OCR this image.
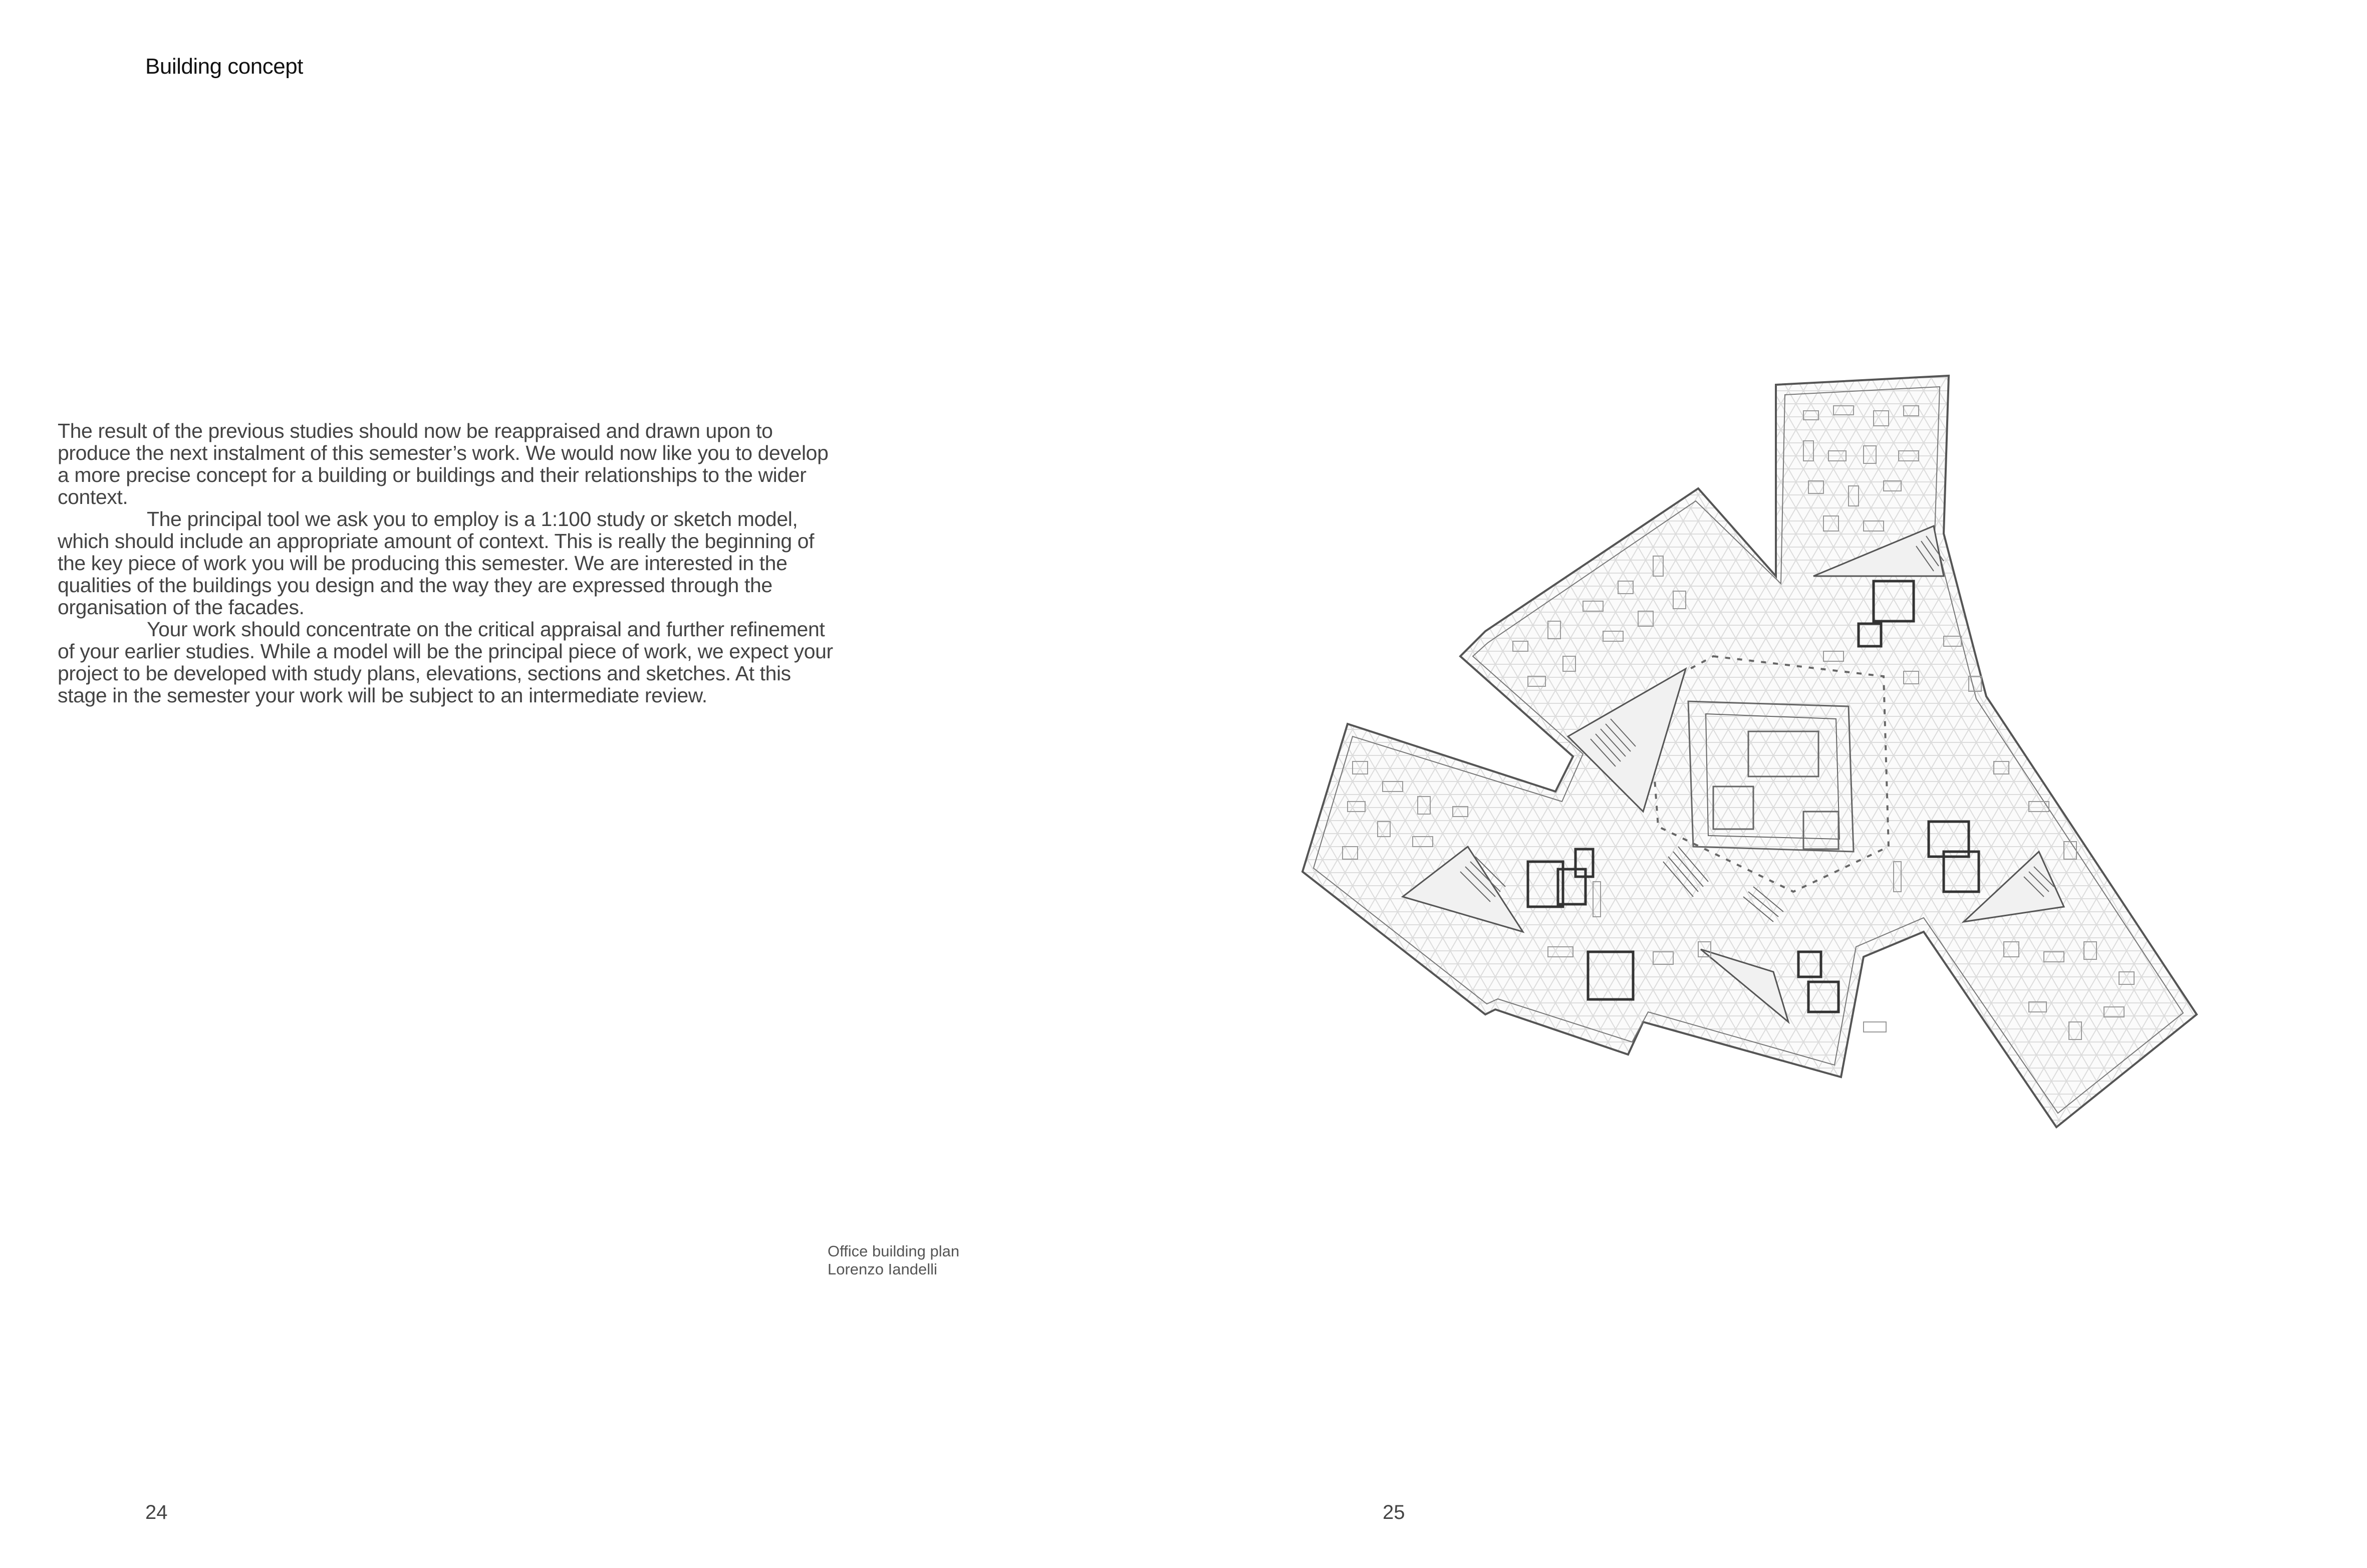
Building concept

The result of the previous studies should now be reappraised and drawn upon to produce the next instalment of this semester’s work. We would now like you to develop a more precise concept for a building or buildings and their relationships to the wider context.

The principal tool we ask you to employ is a 1:100 study or sketch model, which should include an appropriate amount of context. This is really the beginning of the key piece of work you will be producing this semester. We are interested in the qualities of the buildings you design and the way they are expressed through the organisation of the facades.

Your work should concentrate on the critical appraisal and further refinement of your earlier studies. While a model will be the principal piece of work, we expect your project to be developed with study plans, elevations, sections and sketches. At this stage in the semester your work will be subject to an intermediate review.

Office building plan
Lorenzo Iandelli
24	25
